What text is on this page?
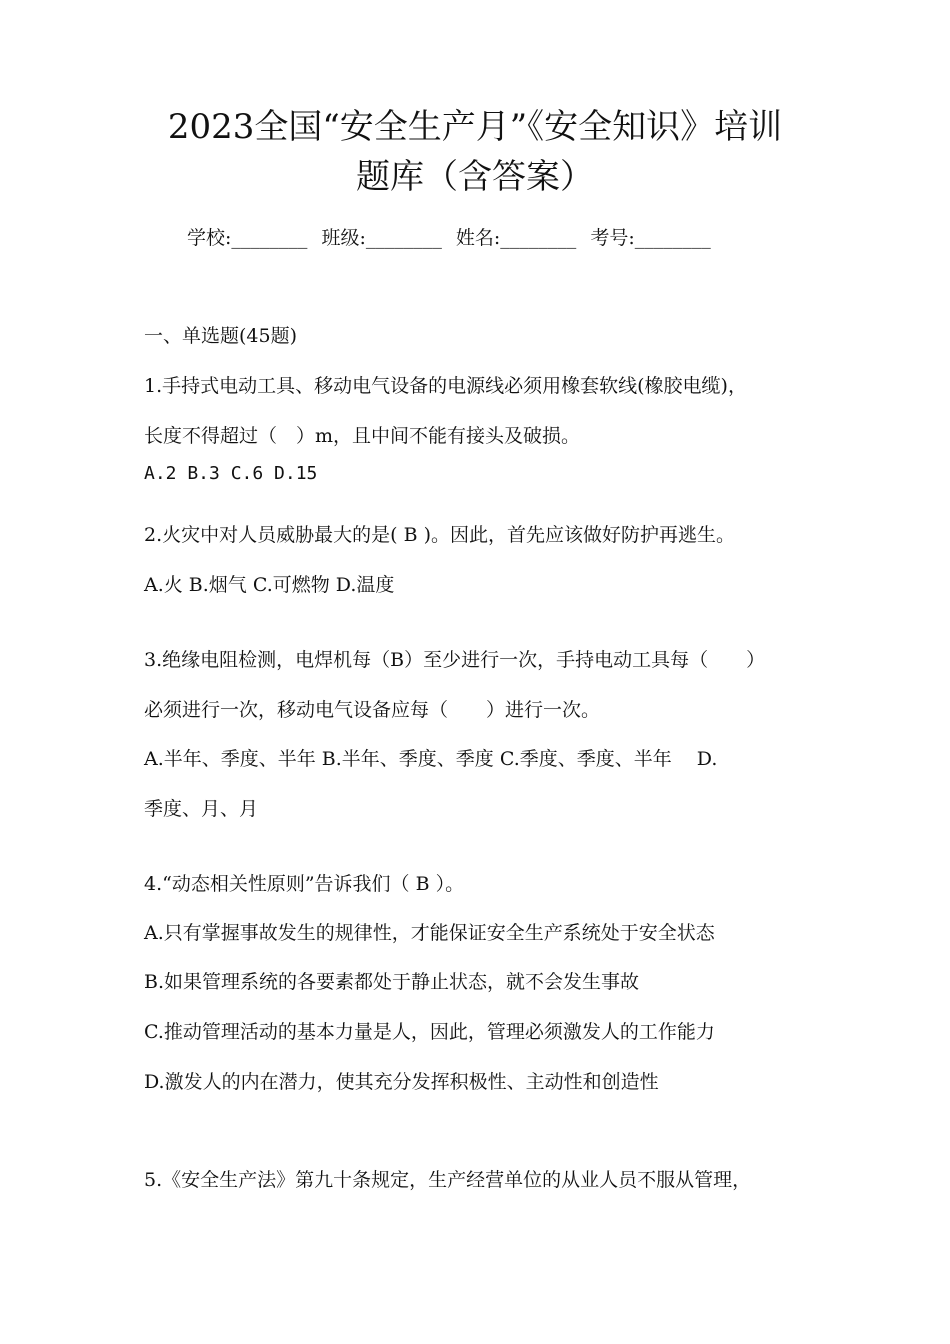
2023全国“安全生产月”《安全知识》培训
题库（含答案）
学校:________ 班级:________ 姓名:________ 考号:________
一、单选题(45题)
1.手持式电动工具、移动电气设备的电源线必须用橡套软线(橡胶电缆)，
长度不得超过（　）m，且中间不能有接头及破损。
A.2 B.3 C.6 D.15
2.火灾中对人员威胁最大的是( B )。因此，首先应该做好防护再逃生。
A.火 B.烟气 C.可燃物 D.温度
3.绝缘电阻检测，电焊机每（B）至少进行一次，手持电动工具每（　　）
必须进行一次，移动电气设备应每（　　）进行一次。
A.半年、季度、半年 B.半年、季度、季度 C.季度、季度、半年　 D.
季度、月、月
4.“动态相关性原则”告诉我们（ B ）。
A.只有掌握事故发生的规律性，才能保证安全生产系统处于安全状态
B.如果管理系统的各要素都处于静止状态，就不会发生事故
C.推动管理活动的基本力量是人，因此，管理必须激发人的工作能力
D.激发人的内在潜力，使其充分发挥积极性、主动性和创造性
5.《安全生产法》第九十条规定，生产经营单位的从业人员不服从管理，
